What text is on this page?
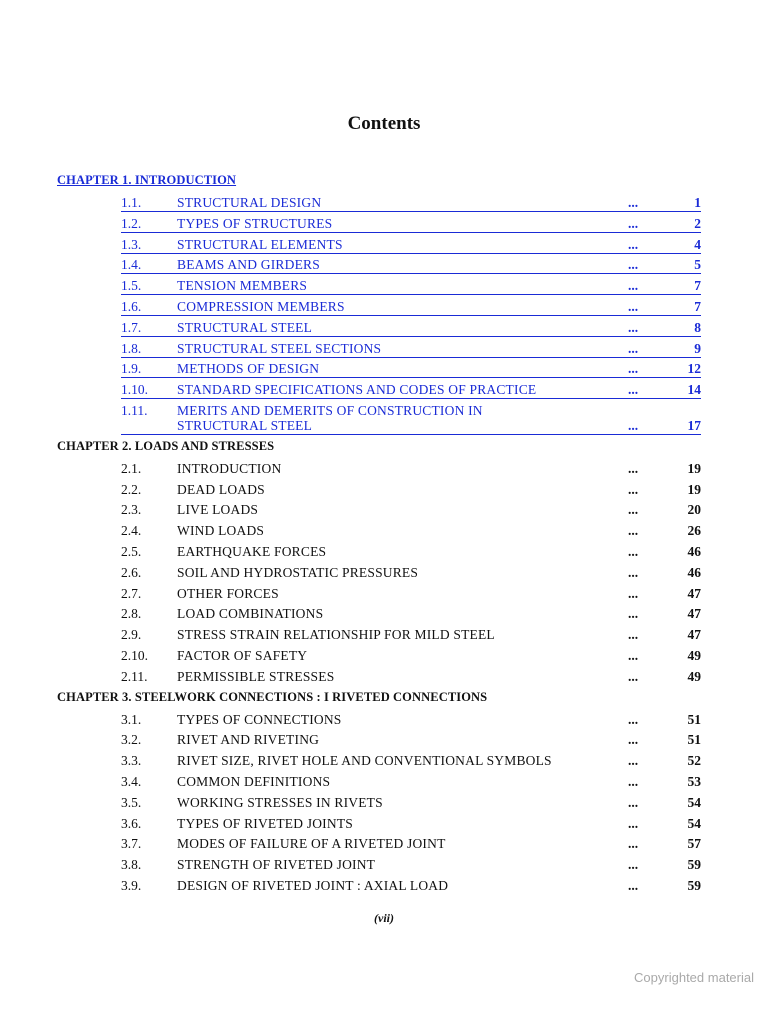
Contents
CHAPTER 1. INTRODUCTION
1.1.	STRUCTURAL DESIGN	...	1
1.2.	TYPES OF STRUCTURES	...	2
1.3.	STRUCTURAL ELEMENTS	...	4
1.4.	BEAMS AND GIRDERS	...	5
1.5.	TENSION MEMBERS	...	7
1.6.	COMPRESSION MEMBERS	...	7
1.7.	STRUCTURAL STEEL	...	8
1.8.	STRUCTURAL STEEL SECTIONS	...	9
1.9.	METHODS OF DESIGN	...	12
1.10. STANDARD SPECIFICATIONS AND CODES OF PRACTICE	...	14
1.11. MERITS AND DEMERITS OF CONSTRUCTION IN
STRUCTURAL STEEL	...	17
CHAPTER 2. LOADS AND STRESSES
2.1.	INTRODUCTION	...	19
2.2.	DEAD LOADS	...	19
2.3.	LIVE LOADS	...	20
2.4.	WIND LOADS	...	26
2.5.	EARTHQUAKE FORCES	...	46
2.6.	SOIL AND HYDROSTATIC PRESSURES	...	46
2.7.	OTHER FORCES	...	47
2.8.	LOAD COMBINATIONS	...	47
2.9.	STRESS STRAIN RELATIONSHIP FOR MILD STEEL	...	47
2.10. FACTOR OF SAFETY	...	49
2.11. PERMISSIBLE STRESSES	...	49
CHAPTER 3. STEELWORK CONNECTIONS : I RIVETED CONNECTIONS
3.1.	TYPES OF CONNECTIONS	...	51
3.2.	RIVET AND RIVETING	...	51
3.3.	RIVET SIZE, RIVET HOLE AND CONVENTIONAL SYMBOLS	...	52
3.4.	COMMON DEFINITIONS	...	53
3.5.	WORKING STRESSES IN RIVETS	...	54
3.6.	TYPES OF RIVETED JOINTS	...	54
3.7.	MODES OF FAILURE OF A RIVETED JOINT	...	57
3.8.	STRENGTH OF RIVETED JOINT	...	59
3.9.	DESIGN OF RIVETED JOINT : AXIAL LOAD	...	59
(vii)
Copyrighted material
